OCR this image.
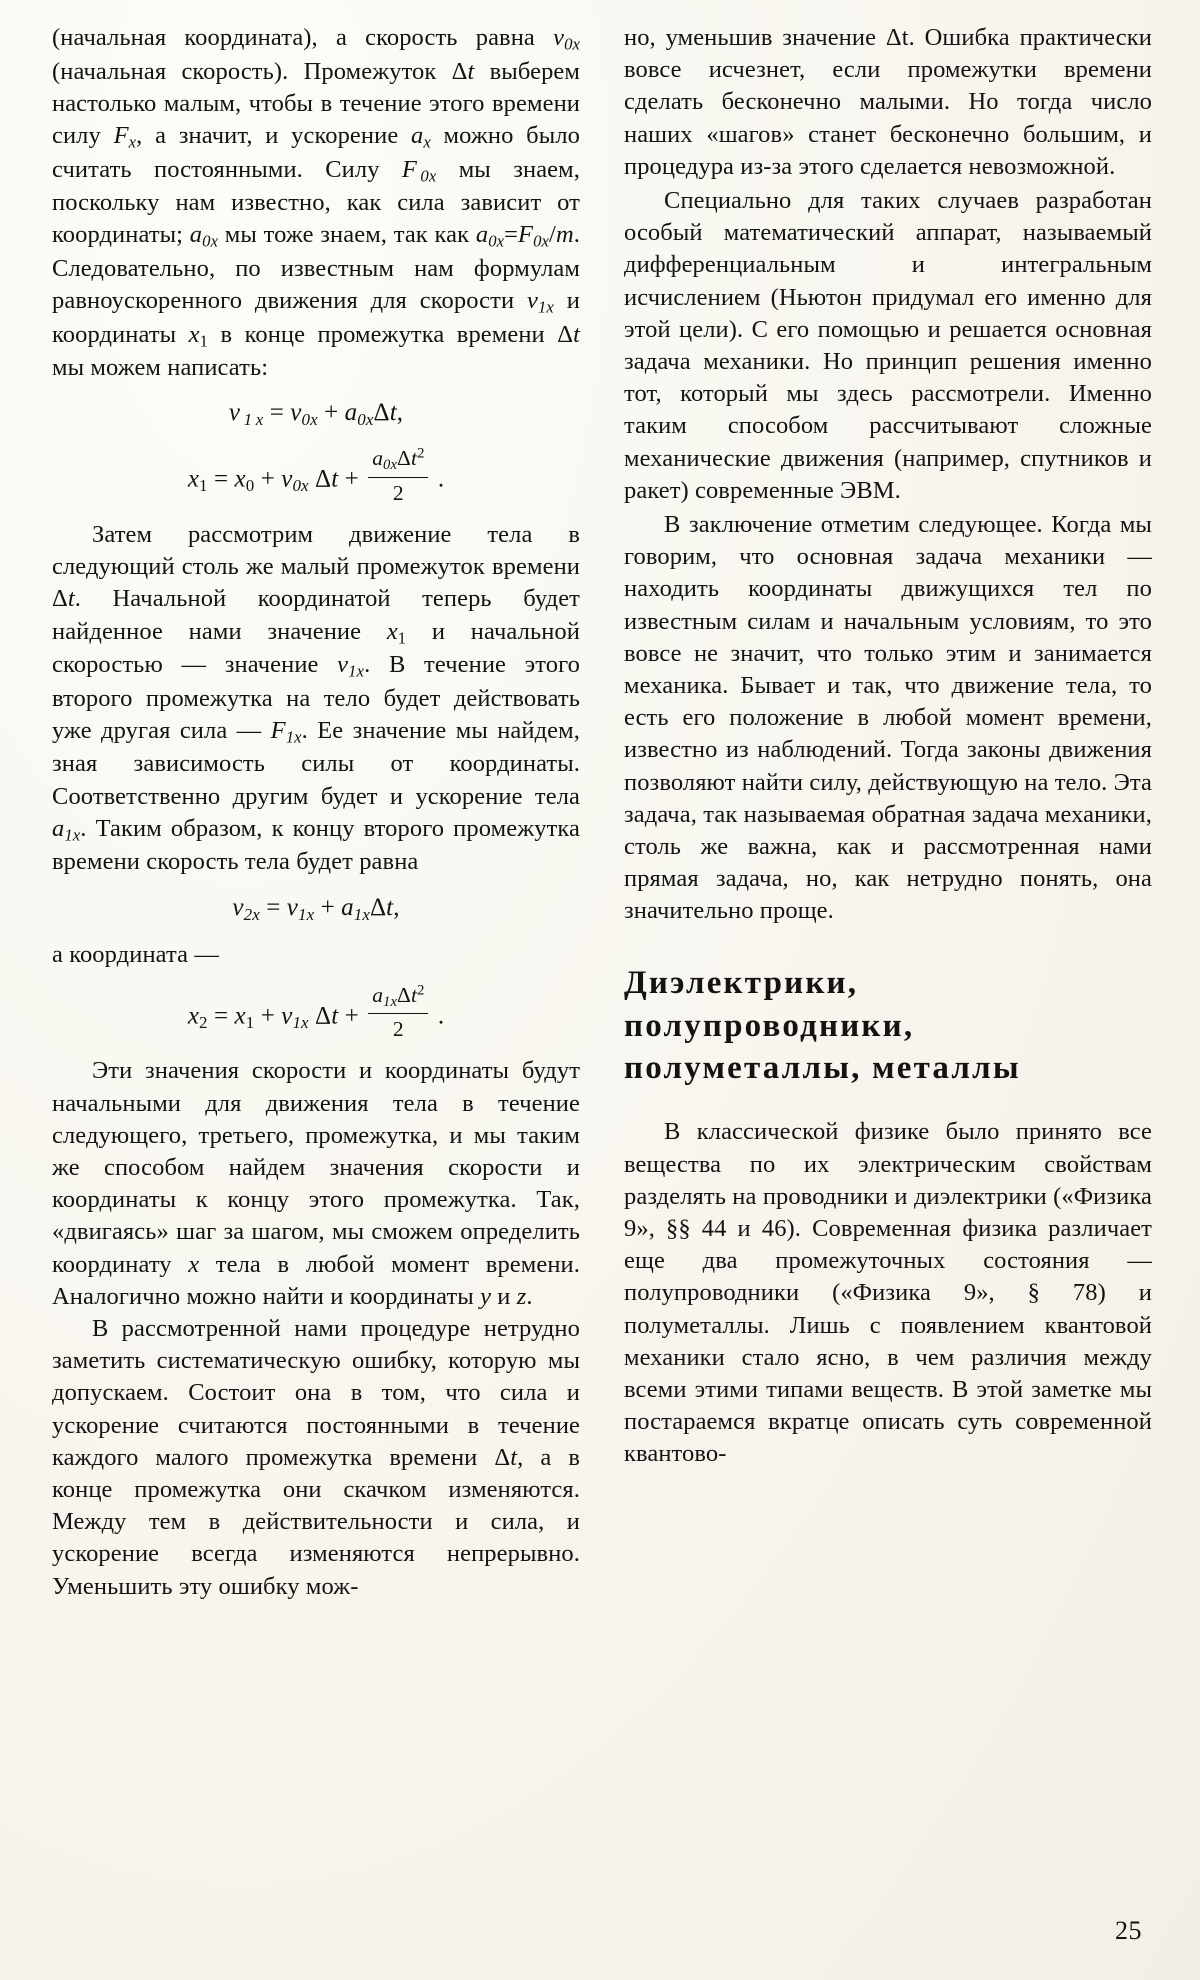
(начальная координата), а скорость равна $v_{0x}$ (начальная скорость). Промежуток Δt выберем настолько малым, чтобы в течение этого времени силу $F_x$, а значит, и ускорение $a_x$ можно было считать постоянными. Силу F $_{0x}$ мы знаем, поскольку нам известно, как сила зависит от координаты; $a_{0x}$ мы тоже знаем, так как $a_{0x}=F_{0x}/m$. Следовательно, по известным нам формулам равноускоренного движения для скорости $v_{1x}$ и координаты x1 в конце промежутка времени Δt мы можем написать:

v $_{1 x} = v_{0x} + a_{0x}\Delta t$,
$x1 = x0 + v_{0x}$ $\Delta t + \frac{a_{0x}\Delta t^2}{2}$ .

Затем рассмотрим движение тела в следующий столь же малый промежуток времени Δt. Начальной координатой теперь будет найденное нами значение x1 и начальной скоростью — значение $v_{1x}$. В течение этого второго промежутка на тело будет действовать уже другая сила — $F_{1x}$. Ее значение мы найдем, зная зависимость силы от координаты. Соответственно другим будет и ускорение тела $a_{1x}$. Таким образом, к концу второго промежутка времени скорость тела будет равна

$v_{2x} = v_{1x} + a_{1x}\Delta t$,

а координата —

$x2 = x1 + v_{1x}$ $\Delta t + \frac{a_{1x}\Delta t^2}{2}$ .

Эти значения скорости и координаты будут начальными для движения тела в течение следующего, третьего, промежутка, и мы таким же способом найдем значения скорости и координаты к концу этого промежутка. Так, «двигаясь» шаг за шагом, мы сможем определить координату x тела в любой момент времени. Аналогично можно найти и координаты y и z.

В рассмотренной нами процедуре нетрудно заметить систематическую ошибку, которую мы допускаем. Состоит она в том, что сила и ускорение считаются постоянными в течение каждого малого промежутка времени Δt, а в конце промежутка они скачком изменяются. Между тем в действительности и сила, и ускорение всегда изменяются непрерывно. Уменьшить эту ошибку мож-

но, уменьшив значение Δt. Ошибка практически вовсе исчезнет, если промежутки времени сделать бесконечно малыми. Но тогда число наших «шагов» станет бесконечно большим, и процедура из-за этого сделается невозможной.

Специально для таких случаев разработан особый математический аппарат, называемый дифференциальным и интегральным исчислением (Ньютон придумал его именно для этой цели). С его помощью и решается основная задача механики. Но принцип решения именно тот, который мы здесь рассмотрели. Именно таким способом рассчитывают сложные механические движения (например, спутников и ракет) современные ЭВМ.

В заключение отметим следующее. Когда мы говорим, что основная задача механики — находить координаты движущихся тел по известным силам и начальным условиям, то это вовсе не значит, что только этим и занимается механика. Бывает и так, что движение тела, то есть его положение в любой момент времени, известно из наблюдений. Тогда законы движения позволяют найти силу, действующую на тело. Эта задача, так называемая обратная задача механики, столь же важна, как и рассмотренная нами прямая задача, но, как нетрудно понять, она значительно проще.

Диэлектрики, полупроводники, полуметаллы, металлы

В классической физике было принято все вещества по их электрическим свойствам разделять на проводники и диэлектрики («Физика 9», §§ 44 и 46). Современная физика различает еще два промежуточных состояния — полупроводники («Физика 9», § 78) и полуметаллы. Лишь с появлением квантовой механики стало ясно, в чем различия между всеми этими типами веществ. В этой заметке мы постараемся вкратце описать суть современной квантово-

25
